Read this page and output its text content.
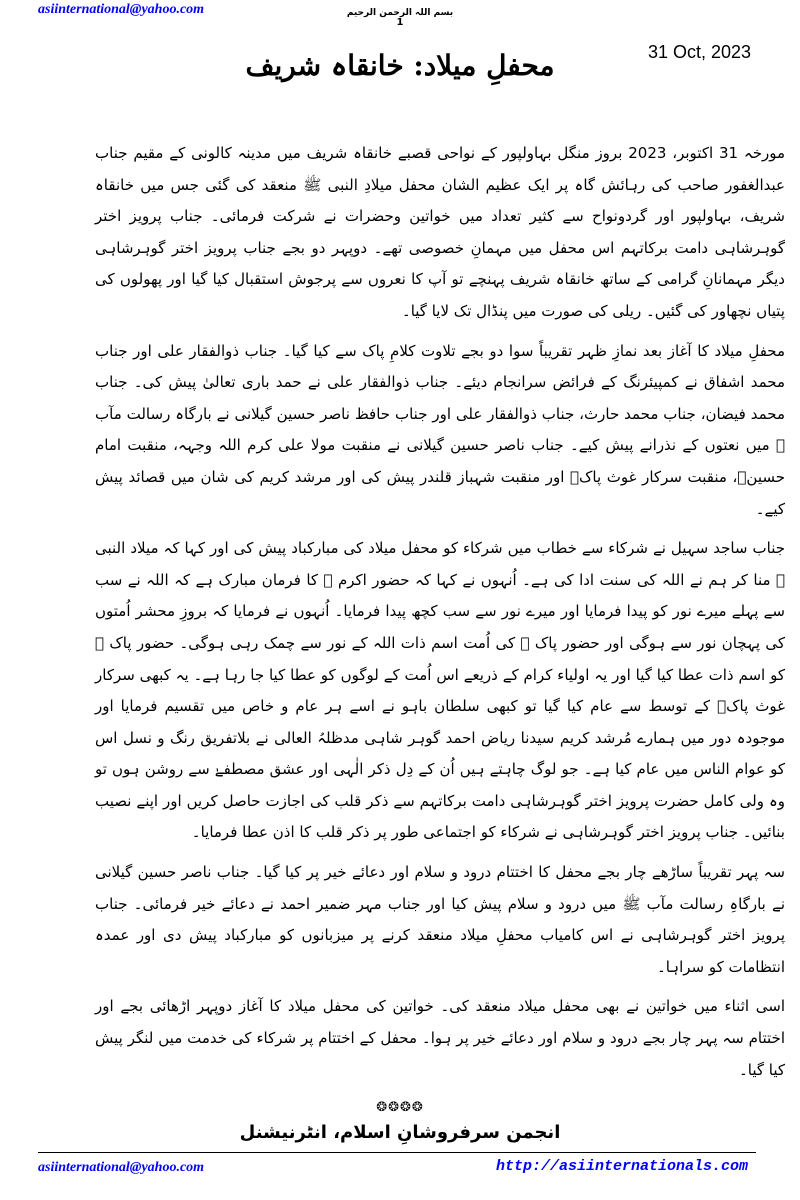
asiinternational@yahoo.com	بسم اللہ الرحمن الرحیم
1
31 Oct, 2023
محفلِ میلاد: خانقاہ شریف

مورخہ 31 اکتوبر، 2023 بروز منگل بہاولپور کے نواحی قصبے خانقاہ شریف میں مدینہ کالونی کے مقیم جناب عبدالغفور صاحب کی رہائش گاہ پر ایک عظیم الشان محفل میلادِ النبی ﷺ منعقد کی گئی جس میں خانقاہ شریف، بہاولپور اور گردونواح سے کثیر تعداد میں خواتین وحضرات نے شرکت فرمائی۔ جناب پرویز اختر گوہرشاہی دامت برکاتہم اس محفل میں مہمانِ خصوصی تھے۔ دوپہر دو بجے جناب پرویز اختر گوہرشاہی دیگر مہمانانِ گرامی کے ساتھ خانقاہ شریف پہنچے تو آپ کا نعروں سے پرجوش استقبال کیا گیا اور پھولوں کی پتیاں نچھاور کی گئیں۔ ریلی کی صورت میں پنڈال تک لایا گیا۔

محفلِ میلاد کا آغاز بعد نمازِ ظہر تقریباً سوا دو بجے تلاوت کلامِ پاک سے کیا گیا۔ جناب ذوالفقار علی اور جناب محمد اشفاق نے کمپیئرنگ کے فرائض سرانجام دیئے۔ جناب ذوالفقار علی نے حمد باری تعالیٰ پیش کی۔ جناب محمد فیضان، جناب محمد حارث، جناب ذوالفقار علی اور جناب حافظ ناصر حسین گیلانی نے بارگاہ رسالت مآب ﷺ میں نعتوں کے نذرانے پیش کیے۔ جناب ناصر حسین گیلانی نے منقبت مولا علی کرم اللہ وجہہ، منقبت امام حسینؓ، منقبت سرکار غوث پاکؓ اور منقبت شہباز قلندر پیش کی اور مرشد کریم کی شان میں قصائد پیش کیے۔

جناب ساجد سہیل نے شرکاء سے خطاب میں شرکاء کو محفل میلاد کی مبارکباد پیش کی اور کہا کہ میلاد النبی ﷺ منا کر ہم نے اللہ کی سنت ادا کی ہے۔ اُنہوں نے کہا کہ حضور اکرم ﷺ کا فرمان مبارک ہے کہ اللہ نے سب سے پہلے میرے نور کو پیدا فرمایا اور میرے نور سے سب کچھ پیدا فرمایا۔ اُنہوں نے فرمایا کہ بروزِ محشر اُمتوں کی پہچان نور سے ہوگی اور حضور پاک ﷺ کی اُمت اسم ذات اللہ کے نور سے چمک رہی ہوگی۔ حضور پاک ﷺ کو اسم ذات عطا کیا گیا اور یہ اولیاء کرام کے ذریعے اس اُمت کے لوگوں کو عطا کیا جا رہا ہے۔ یہ کبھی سرکار غوث پاکؓ کے توسط سے عام کیا گیا تو کبھی سلطان باہو نے اسے ہر عام و خاص میں تقسیم فرمایا اور موجودہ دور میں ہمارے مُرشد کریم سیدنا ریاض احمد گوہر شاہی مدظلہُ العالی نے بلاتفریق رنگ و نسل اس کو عوام الناس میں عام کیا ہے۔ جو لوگ چاہتے ہیں اُن کے دِل ذکر الٰہی اور عشق مصطفےٰ سے روشن ہوں تو وہ ولی کامل حضرت پرویز اختر گوہرشاہی دامت برکاتہم سے ذکر قلب کی اجازت حاصل کریں اور اپنے نصیب بنائیں۔ جناب پرویز اختر گوہرشاہی نے شرکاء کو اجتماعی طور پر ذکر قلب کا اذن عطا فرمایا۔

سہ پہر تقریباً ساڑھے چار بجے محفل کا اختتام درود و سلام اور دعائے خیر پر کیا گیا۔ جناب ناصر حسین گیلانی نے بارگاہِ رسالت مآب ﷺ میں درود و سلام پیش کیا اور جناب مہر ضمیر احمد نے دعائے خیر فرمائی۔ جناب پرویز اختر گوہرشاہی نے اس کامیاب محفلِ میلاد منعقد کرنے پر میزبانوں کو مبارکباد پیش دی اور عمدہ انتظامات کو سراہا۔

اسی اثناء میں خواتین نے بھی محفل میلاد منعقد کی۔ خواتین کی محفل میلاد کا آغاز دوپہر اڑھائی بجے اور اختتام سہ پہر چار بجے درود و سلام اور دعائے خیر پر ہوا۔ محفل کے اختتام پر شرکاء کی خدمت میں لنگر پیش کیا گیا۔

❂❂❂❂
انجمن سرفروشانِ اسلام، انٹرنیشنل
asiinternational@yahoo.com	http://asiinternationals.com
